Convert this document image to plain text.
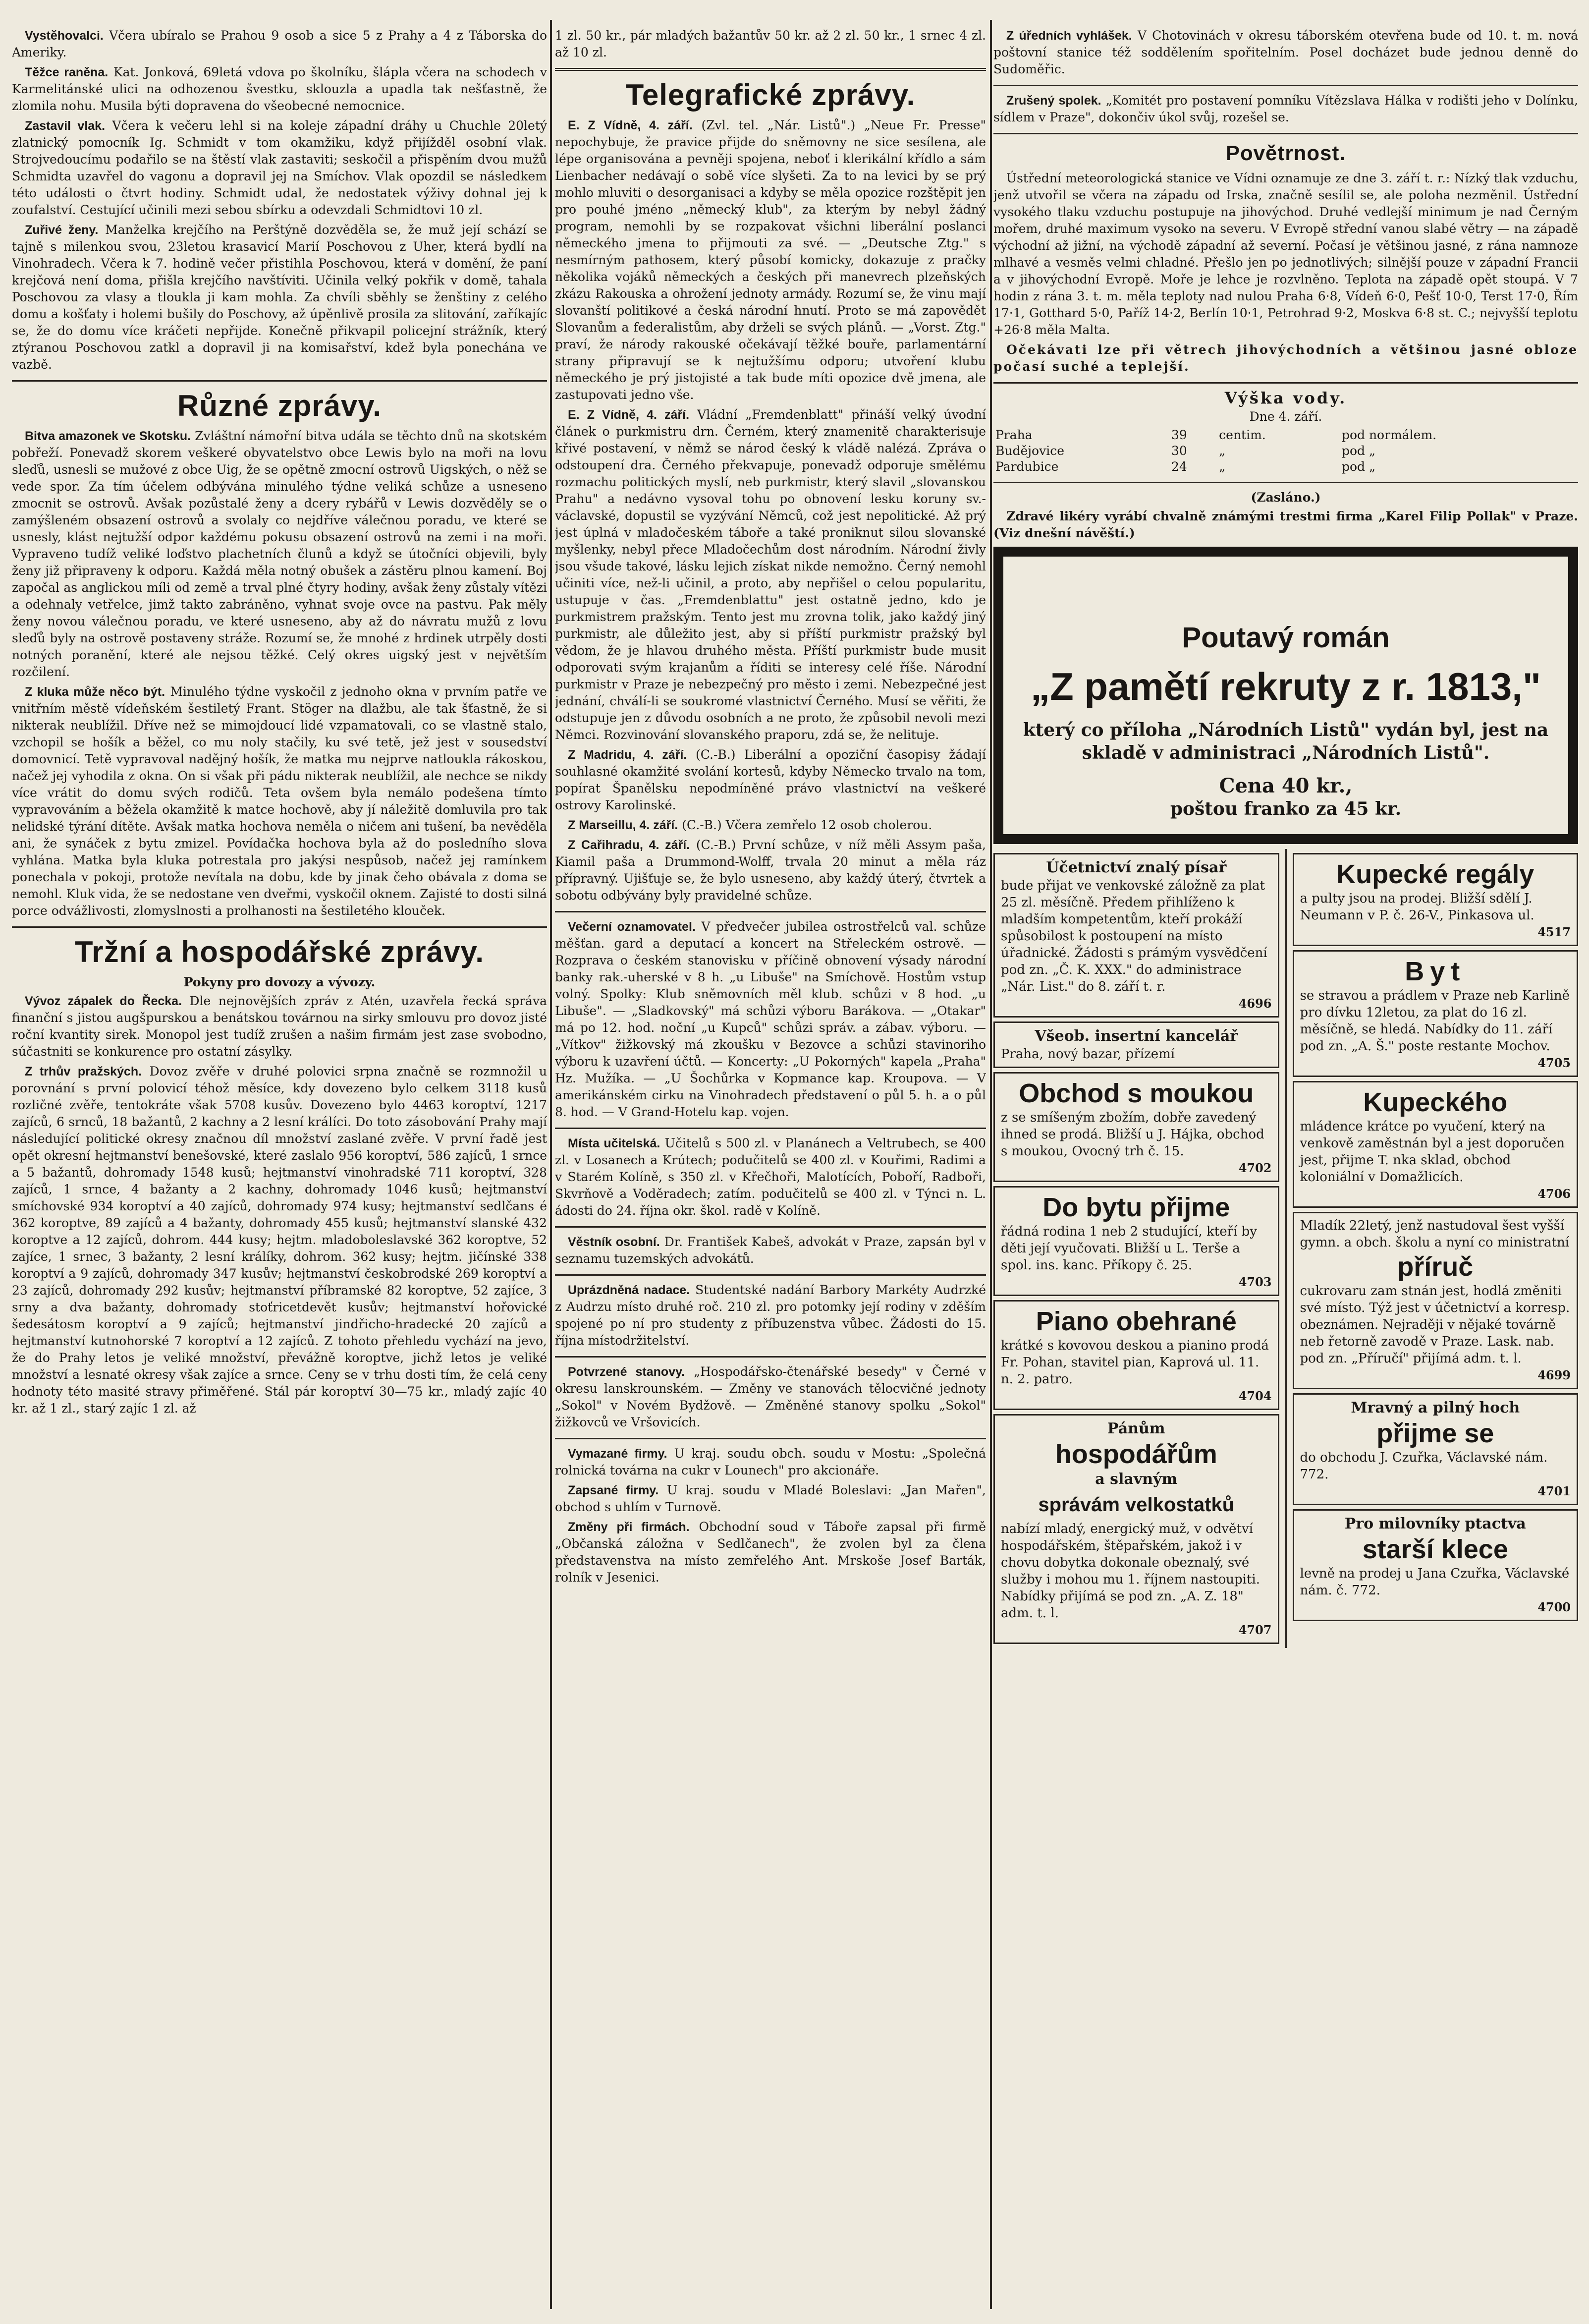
Vystěhovalci. Včera ubíralo se Prahou 9 osob a sice 5 z Prahy a 4 z Táborska do Ameriky.

Těžce raněna. Kat. Jonková, 69letá vdova po školníku, šlápla včera na schodech v Karmelitánské ulici na odhozenou švestku, sklouzla a upadla tak nešťastně, že zlomila nohu. Musila býti dopravena do všeobecné nemocnice.

Zastavil vlak. Včera k večeru lehl si na koleje západní dráhy u Chuchle 20letý zlatnický pomocník Ig. Schmidt v tom okamžiku, když přijížděl osobní vlak. Strojvedoucímu podařilo se na štěstí vlak zastaviti; seskočil a přispěním dvou mužů Schmidta uzavřel do vagonu a dopravil jej na Smíchov. Vlak opozdil se následkem této události o čtvrt hodiny. Schmidt udal, že nedostatek výživy dohnal jej k zoufalství. Cestující učinili mezi sebou sbírku a odevzdali Schmidtovi 10 zl.

Zuřivé ženy. Manželka krejčího na Perštýně dozvěděla se, že muž její schází se tajně s milenkou svou, 23letou krasavicí Marií Poschovou z Uher, která bydlí na Vinohradech. Včera k 7. hodině večer přistihla Poschovou, která v domění, že paní krejčová není doma, přišla krejčího navštíviti. Učinila velký pokřik v domě, tahala Poschovou za vlasy a tloukla ji kam mohla. Za chvíli sběhly se ženštiny z celého domu a košťaty i holemi bušily do Poschovy, až úpěnlivě prosila za slitování, zaříkajíc se, že do domu více kráčeti nepřijde. Konečně přikvapil policejní strážník, který ztýranou Poschovou zatkl a dopravil ji na komisařství, kdež byla ponechána ve vazbě.

Různé zprávy.

Bitva amazonek ve Skotsku. Zvláštní námořní bitva udála se těchto dnů na skotském pobřeží. Ponevadž skorem veškeré obyvatelstvo obce Lewis bylo na moři na lovu sleďů, usnesli se mužové z obce Uig, že se opětně zmocní ostrovů Uigských, o něž se vede spor. Za tím účelem odbývána minulého týdne veliká schůze a usneseno zmocnit se ostrovů. Avšak pozůstalé ženy a dcery rybářů v Lewis dozvěděly se o zamýšleném obsazení ostrovů a svolaly co nejdříve válečnou poradu, ve které se usnesly, klást nejtužší odpor každému pokusu obsazení ostrovů na zemi i na moři. Vypraveno tudíž veliké loďstvo plachetních člunů a když se útočníci objevili, byly ženy již připraveny k odporu. Každá měla notný obušek a zástěru plnou kamení. Boj započal as anglickou míli od země a trval plné čtyry hodiny, avšak ženy zůstaly vítězi a odehnaly vetřelce, jimž takto zabráněno, vyhnat svoje ovce na pastvu. Pak měly ženy novou válečnou poradu, ve které usneseno, aby až do návratu mužů z lovu sleďů byly na ostrově postaveny stráže. Rozumí se, že mnohé z hrdinek utrpěly dosti notných poranění, které ale nejsou těžké. Celý okres uigský jest v největším rozčilení.

Z kluka může něco být. Minulého týdne vyskočil z jednoho okna v prvním patře ve vnitřním městě vídeňském šestiletý Frant. Stöger na dlažbu, ale tak šťastně, že si nikterak neublížil. Dříve než se mimojdoucí lidé vzpamatovali, co se vlastně stalo, vzchopil se hošík a běžel, co mu noly stačily, ku své tetě, jež jest v sousedství domovnicí. Tetě vypravoval nadějný hošík, že matka mu nejprve natloukla rákoskou, načež jej vyhodila z okna. On si však při pádu nikterak neublížil, ale nechce se nikdy více vrátit do domu svých rodičů. Teta ovšem byla nemálo podešena tímto vypravováním a běžela okamžitě k matce hochově, aby jí náležitě domluvila pro tak nelidské týrání dítěte. Avšak matka hochova neměla o ničem ani tušení, ba nevěděla ani, že synáček z bytu zmizel. Povídačka hochova byla až do posledního slova vyhlána. Matka byla kluka potrestala pro jakýsi nespůsob, načež jej ramínkem ponechala v pokoji, protože nevítala na dobu, kde by jinak čeho obávala z doma se nemohl. Kluk vida, že se nedostane ven dveřmi, vyskočil oknem. Zajisté to dosti silná porce odvážlivosti, zlomyslnosti a prolhanosti na šestiletého klouček.

Tržní a hospodářské zprávy.
Pokyny pro dovozy a vývozy.

Vývoz zápalek do Řecka. Dle nejnovějších zpráv z Atén, uzavřela řecká správa finanční s jistou augšpurskou a benátskou továrnou na sirky smlouvu pro dovoz jisté roční kvantity sirek. Monopol jest tudíž zrušen a našim firmám jest zase svobodno, súčastniti se konkurence pro ostatní zásylky.

Z trhův pražských. Dovoz zvěře v druhé polovici srpna značně se rozmnožil u porovnání s první polovicí téhož měsíce, kdy dovezeno bylo celkem 3118 kusů rozličné zvěře, tentokráte však 5708 kusův. Dovezeno bylo 4463 koroptví, 1217 zajíců, 6 srnců, 18 bažantů, 2 kachny a 2 lesní králíci. Do toto zásobování Prahy mají následující politické okresy značnou díl množství zaslané zvěře. V první řadě jest opět okresní hejtmanství benešovské, které zaslalo 956 koroptví, 586 zajíců, 1 srnce a 5 bažantů, dohromady 1548 kusů; hejtmanství vinohradské 711 koroptví, 328 zajíců, 1 srnce, 4 bažanty a 2 kachny, dohromady 1046 kusů; hejtmanství smíchovské 934 koroptví a 40 zajíců, dohromady 974 kusy; hejtmanství sedlčans é 362 koroptve, 89 zajíců a 4 bažanty, dohromady 455 kusů; hejtmanství slanské 432 koroptve a 12 zajíců, dohrom. 444 kusy; hejtm. mladoboleslavské 362 koroptve, 52 zajíce, 1 srnec, 3 bažanty, 2 lesní králíky, dohrom. 362 kusy; hejtm. jičínské 338 koroptví a 9 zajíců, dohromady 347 kusův; hejtmanství českobrodské 269 koroptví a 23 zajíců, dohromady 292 kusův; hejtmanství příbramské 82 koroptve, 52 zajíce, 3 srny a dva bažanty, dohromady stoťricetdevět kusův; hejtmanství hořovické šedesátosm koroptví a 9 zajíců; hejtmanství jindřicho-hradecké 20 zajíců a hejtmanství kutnohorské 7 koroptví a 12 zajíců. Z tohoto přehledu vychází na jevo, že do Prahy letos je veliké množství, převážně koroptve, jichž letos je veliké množství a lesnaté okresy však zajíce a srnce. Ceny se v trhu dosti tím, že celá ceny hodnoty této masité stravy přiměřené. Stál pár koroptví 30—75 kr., mladý zajíc 40 kr. až 1 zl., starý zajíc 1 zl. až

1 zl. 50 kr., pár mladých bažantův 50 kr. až 2 zl. 50 kr., 1 srnec 4 zl. až 10 zl.

Telegrafické zprávy.

E. Z Vídně, 4. září. (Zvl. tel. „Nár. Listů".) „Neue Fr. Presse" nepochybuje, že pravice přijde do sněmovny ne sice sesílena, ale lépe organisována a pevněji spojena, neboť i klerikální křídlo a sám Lienbacher nedávají o sobě více slyšeti. Za to na levici by se prý mohlo mluviti o desorganisaci a kdyby se měla opozice rozštěpit jen pro pouhé jméno „německý klub", za kterým by nebyl žádný program, nemohli by se rozpakovat všichni liberální poslanci německého jmena to přijmouti za své. — „Deutsche Ztg." s nesmírným pathosem, který působí komicky, dokazuje z pračky několika vojáků německých a českých při manevrech plzeňských zkázu Rakouska a ohrožení jednoty armády. Rozumí se, že vinu mají slovanští politikové a česká národní hnutí. Proto se má zapovědět Slovanům a federalistům, aby drželi se svých plánů. — „Vorst. Ztg." praví, že národy rakouské očekávají těžké bouře, parlamentární strany připravují se k nejtužšímu odporu; utvoření klubu německého je prý jistojisté a tak bude míti opozice dvě jmena, ale zastupovati jedno vše.

E. Z Vídně, 4. září. Vládní „Fremdenblatt" přináší velký úvodní článek o purkmistru drn. Černém, který znamenitě charakterisuje křivé postavení, v němž se národ český k vládě nalézá. Zpráva o odstoupení dra. Černého překvapuje, ponevadž odporuje smělému rozmachu politických myslí, neb purkmistr, který slavil „slovanskou Prahu" a nedávno vysoval tohu po obnovení lesku koruny sv.-václavské, dopustil se vyzývání Němců, což jest nepolitické. Až prý jest úplná v mladočeském táboře a také proniknut silou slovanské myšlenky, nebyl přece Mladočechům dost národním. Národní živly jsou všude takové, lásku lejich získat nikde nemožno. Černý nemohl učiniti více, než-li učinil, a proto, aby nepřišel o celou popularitu, ustupuje v čas. „Fremdenblattu" jest ostatně jedno, kdo je purkmistrem pražským. Tento jest mu zrovna tolik, jako každý jiný purkmistr, ale důležito jest, aby si příští purkmistr pražský byl vědom, že je hlavou druhého města. Příští purkmistr bude musit odporovati svým krajanům a říditi se interesy celé říše. Národní purkmistr v Praze je nebezpečný pro město i zemi. Nebezpečné jest jednání, chválí-li se soukromé vlastnictví Černého. Musí se věřiti, že odstupuje jen z důvodu osobních a ne proto, že způsobil nevoli mezi Němci. Rozvinování slovanského praporu, zdá se, že nelituje.

Z Madridu, 4. září. (C.-B.) Liberální a opoziční časopisy žádají souhlasné okamžité svolání kortesů, kdyby Německo trvalo na tom, popírat Španělsku nepodmíněné právo vlastnictví na veškeré ostrovy Karolinské.

Z Marseillu, 4. září. (C.-B.) Včera zemřelo 12 osob cholerou.

Z Cařihradu, 4. září. (C.-B.) První schůze, v níž měli Assym paša, Kiamil paša a Drummond-Wolff, trvala 20 minut a měla ráz přípravný. Ujišťuje se, že bylo usneseno, aby každý úterý, čtvrtek a sobotu odbývány byly pravidelné schůze.

Večerní oznamovatel. V předvečer jubilea ostrostřelců val. schůze měšťan. gard a deputací a koncert na Střeleckém ostrově. — Rozprava o českém stanovisku v příčině obnovení výsady národní banky rak.-uherské v 8 h. „u Libuše" na Smíchově. Hostům vstup volný. Spolky: Klub sněmovních měl klub. schůzi v 8 hod. „u Libuše". — „Sladkovský" má schůzi výboru Barákova. — „Otakar" má po 12. hod. noční „u Kupců" schůzi správ. a zábav. výboru. — „Vítkov" žižkovský má zkoušku v Bezovce a schůzi stavinoriho výboru k uzavření účtů. — Koncerty: „U Pokorných" kapela „Praha" Hz. Mužíka. — „U Šochůrka v Kopmance kap. Kroupova. — V amerikánském cirku na Vinohradech představení o půl 5. h. a o půl 8. hod. — V Grand-Hotelu kap. vojen.

Místa učitelská. Učitelů s 500 zl. v Planánech a Veltrubech, se 400 zl. v Losanech a Krútech; podučitelů se 400 zl. v Kouřimi, Radimi a v Starém Kolíně, s 350 zl. v Křečhoři, Malotících, Poboří, Radboři, Skvrňově a Voděradech; zatím. podučitelů se 400 zl. v Týnci n. L. ádosti do 24. října okr. škol. radě v Kolíně.

Věstník osobní. Dr. František Kabeš, advokát v Praze, zapsán byl v seznamu tuzemských advokátů.

Uprázdněná nadace. Studentské nadání Barbory Markéty Audrzké z Audrzu místo druhé roč. 210 zl. pro potomky její rodiny v zděším spojené po ní pro studenty z příbuzenstva vůbec. Žádosti do 15. října místodržitelství.

Potvrzené stanovy. „Hospodářsko-čtenářské besedy" v Černé v okresu lanskrounském. — Změny ve stanovách tělocvičné jednoty „Sokol" v Novém Bydžově. — Změněné stanovy spolku „Sokol" žižkovců ve Vršovicích.

Vymazané firmy. U kraj. soudu obch. soudu v Mostu: „Společná rolnická továrna na cukr v Lounech" pro akcionáře.

Zapsané firmy. U kraj. soudu v Mladé Boleslavi: „Jan Mařen", obchod s uhlím v Turnově.

Změny při firmách. Obchodní soud v Táboře zapsal při firmě „Občanská záložna v Sedlčanech", že zvolen byl za člena představenstva na místo zemřelého Ant. Mrskoše Josef Barták, rolník v Jesenici.

Z úředních vyhlášek. V Chotovinách v okresu táborském otevřena bude od 10. t. m. nová poštovní stanice též soddělením spořitelním. Posel docházet bude jednou denně do Sudoměřic.

Zrušený spolek. „Komitét pro postavení pomníku Vítězslava Hálka v rodišti jeho v Dolínku, sídlem v Praze", dokončiv úkol svůj, rozešel se.

Povětrnost.

Ústřední meteorologická stanice ve Vídni oznamuje ze dne 3. září t. r.: Nízký tlak vzduchu, jenž utvořil se včera na západu od Irska, značně sesílil se, ale poloha nezměnil. Ústřední vysokého tlaku vzduchu postupuje na jihovýchod. Druhé vedlejší minimum je nad Černým mořem, druhé maximum vysoko na severu. V Evropě střední vanou slabé větry — na západě východní až jižní, na východě západní až severní. Počasí je většinou jasné, z rána namnoze mlhavé a vesměs velmi chladné. Přešlo jen po jednotlivých; silnější pouze v západní Francii a v jihovýchodní Evropě. Moře je lehce je rozvlněno. Teplota na západě opět stoupá. V 7 hodin z rána 3. t. m. měla teploty nad nulou Praha 6·8, Vídeň 6·0, Pešť 10·0, Terst 17·0, Řím 17·1, Gotthard 5·0, Paříž 14·2, Berlín 10·1, Petrohrad 9·2, Moskva 6·8 st. C.; nejvyšší teplotu +26·8 měla Malta.

Očekávati lze při větrech jihovýchodních a většinou jasné obloze počasí suché a teplejší.

Výška vody.
Dne 4. září.
Praha	39	centim.	pod normálem.
Budějovice	30	„	pod „
Pardubice	24	„	pod „
(Zasláno.)

Zdravé likéry vyrábí chvalně známými trestmi firma „Karel Filip Pollak" v Praze. (Viz dnešní návěští.)

Poutavý román
„Z pamětí rekruty z r. 1813,"
který co příloha „Národních Listů" vydán byl, jest na skladě v administraci „Národních Listů".
Cena 40 kr.,
poštou franko za 45 kr.
Účetnictví znalý písař
bude přijat ve venkovské záložně za plat 25 zl. měsíčně. Předem přihlíženo k mladším kompetentům, kteří prokáží spůsobilost k postoupení na místo úřadnické. Žádosti s prámým vysvědčení pod zn. „Č. K. XXX." do administrace „Nár. List." do 8. září t. r.
4696
Všeob. insertní kancelář
Praha, nový bazar, přízemí
Obchod s moukou
z se smíšeným zbožím, dobře zavedený ihned se prodá. Bližší u J. Hájka, obchod s moukou, Ovocný trh č. 15.
4702
Do bytu přijme
řádná rodina 1 neb 2 studující, kteří by děti její vyučovati. Bližší u L. Terše a spol. ins. kanc. Příkopy č. 25.
4703
Piano obehrané
krátké s kovovou deskou a pianino prodá Fr. Pohan, stavitel pian, Kaprová ul. 11. n. 2. patro.
4704
Pánům
hospodářům
a slavným
správám velkostatků
nabízí mladý, energický muž, v odvětví hospodářském, štěpařském, jakož i v chovu dobytka dokonale obeznalý, své služby i mohou mu 1. říjnem nastoupiti. Nabídky přijímá se pod zn. „A. Z. 18" adm. t. l.
4707
Kupecké regály
a pulty jsou na prodej. Bližší sdělí J. Neumann v P. č. 26-V., Pinkasova ul.
4517
Byt
se stravou a prádlem v Praze neb Karlině pro dívku 12letou, za plat do 16 zl. měsíčně, se hledá. Nabídky do 11. září pod zn. „A. Š." poste restante Mochov.
4705
Kupeckého
mládence krátce po vyučení, který na venkově zaměstnán byl a jest doporučen jest, přijme T. nka sklad, obchod koloniální v Domažlicích.
4706
Mladík 22letý, jenž nastudoval šest vyšší gymn. a obch. školu a nyní co ministratní
příruč
cukrovaru zam stnán jest, hodlá změniti své místo. Týž jest v účetnictví a korresp. obeznámen. Nejraději v nějaké továrně neb řetorně zavodě v Praze. Lask. nab. pod zn. „Příručí" přijímá adm. t. l.
4699
Mravný a pilný hoch
přijme se
do obchodu J. Czuřka, Václavské nám. 772.
4701
Pro milovníky ptactva
starší klece
levně na prodej u Jana Czuřka, Václavské nám. č. 772.
4700
